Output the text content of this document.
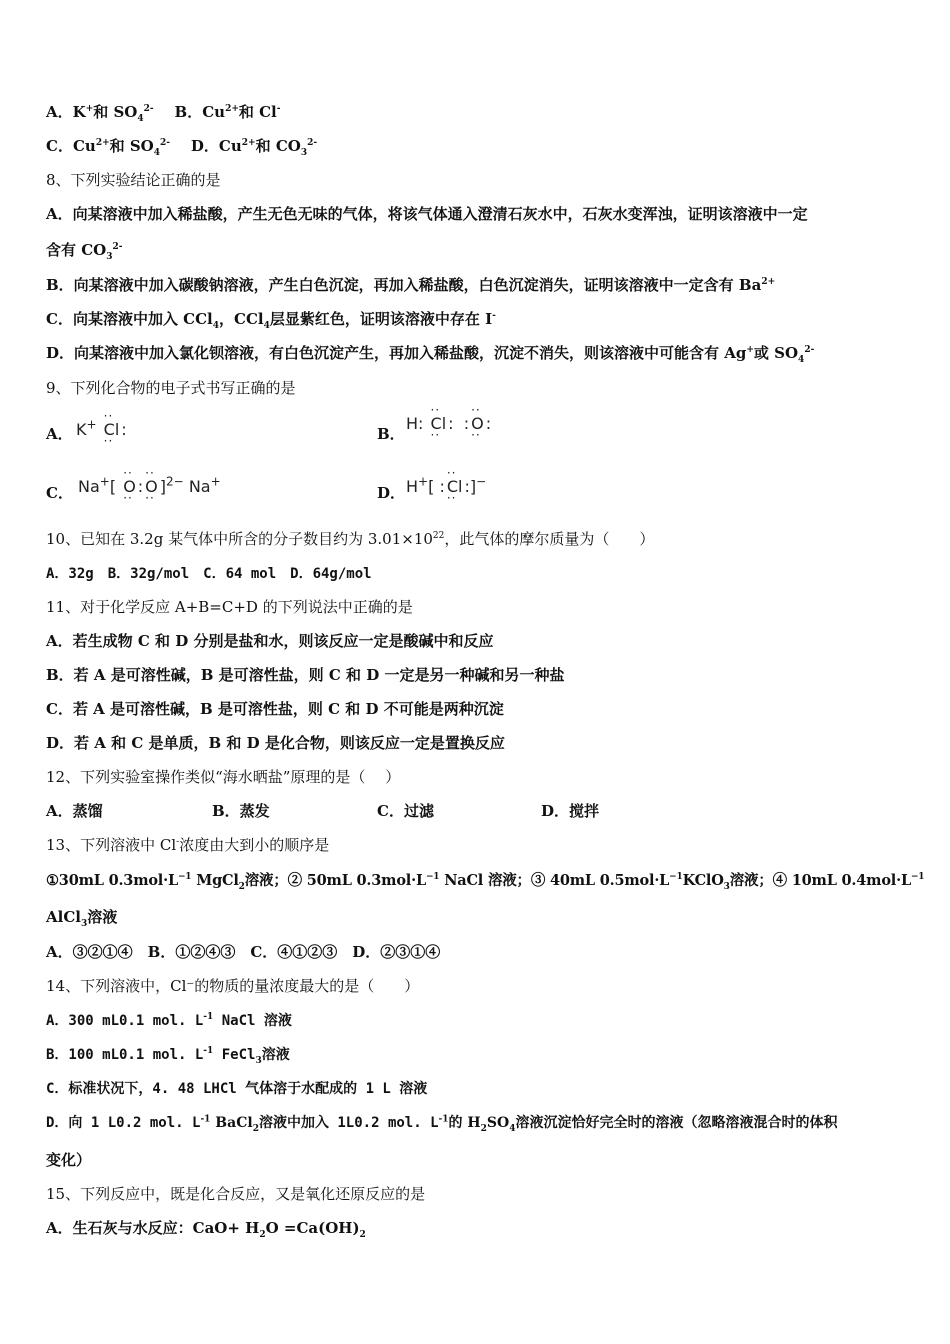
A．K+和 $SO_4^{2-}$ B．$Cu^{2+}$和 Cl-
C．$Cu^{2+}$和 $SO_4^{2-}$ D．$Cu^{2+}$和 $CO_3^{2-}$
8、下列实验结论正确的是
A．向某溶液中加入稀盐酸，产生无色无味的气体，将该气体通入澄清石灰水中，石灰水变浑浊，证明该溶液中一定
含有 $CO_3^{2-}$
B．向某溶液中加入碳酸钠溶液，产生白色沉淀，再加入稀盐酸，白色沉淀消失，证明该溶液中一定含有 $Ba^{2+}$
C．向某溶液中加入 CCl$_4$，CCl$_4$层显紫红色，证明该溶液中存在 I-
D．向某溶液中加入氯化钡溶液，有白色沉淀产生，再加入稀盐酸，沉淀不消失，则该溶液中可能含有 Ag+或 $SO_4^{2-}$
9、下列化合物的电子式书写正确的是
A． K+ ·· Cl ·· :	B．
H: ·· Cl ·· : : ·· O ·· :
C． Na+[ ·· O ·· : ·· O ·· ]$^{2-}$ Na+
D． H+[ : ·· Cl ·· :]−
10、已知在 3.2g 某气体中所含的分子数目约为 $3.01\times 10^{22}$，此气体的摩尔质量为（　　）
A．32g　B．32g/mol　C．64 mol　D．64g/mol
11、对于化学反应 A+B=C+D 的下列说法中正确的是
A．若生成物 C 和 D 分别是盐和水，则该反应一定是酸碱中和反应
B．若 A 是可溶性碱，B 是可溶性盐，则 C 和 D 一定是另一种碱和另一种盐
C．若 A 是可溶性碱，B 是可溶性盐，则 C 和 D 不可能是两种沉淀
D．若 A 和 C 是单质，B 和 D 是化合物，则该反应一定是置换反应
12、下列实验室操作类似“海水晒盐”原理的是（　 ）
A．蒸馏	B．蒸发	C．过滤	D．搅拌
13、下列溶液中 Cl-浓度由大到小的顺序是
①30mL $0.3mol\cdot L^{-1}$ MgCl$_2$溶液；② 50mL $0.3mol\cdot L^{-1}$ NaCl 溶液；③ 40mL $0.5mol\cdot L^{-1}KClO_3$溶液；④ 10mL $0.4mol\cdot L^{-1}$
AlCl$_3$溶液
A．③②①④　B．①②④③　C．④①②③　D．②③①④
14、下列溶液中，Cl⁻的物质的量浓度最大的是（　　）
A．300 mL0.1 mol. $L^{-1}$ NaCl 溶液
B．100 mL0.1 mol. $L^{-1}$ FeCl$_3$溶液
C．标准状况下，4. 48 LHCl 气体溶于水配成的 1 L 溶液
D．向 1 L0.2 mol. $L^{-1}$ BaCl$_2$溶液中加入 1L0.2 mol. $L^{-1}$的 $H_2SO_4$溶液沉淀恰好完全时的溶液（忽略溶液混合时的体积
变化）
15、下列反应中，既是化合反应，又是氧化还原反应的是
A．生石灰与水反应：$CaO+ H_2O =Ca(OH)_2$
